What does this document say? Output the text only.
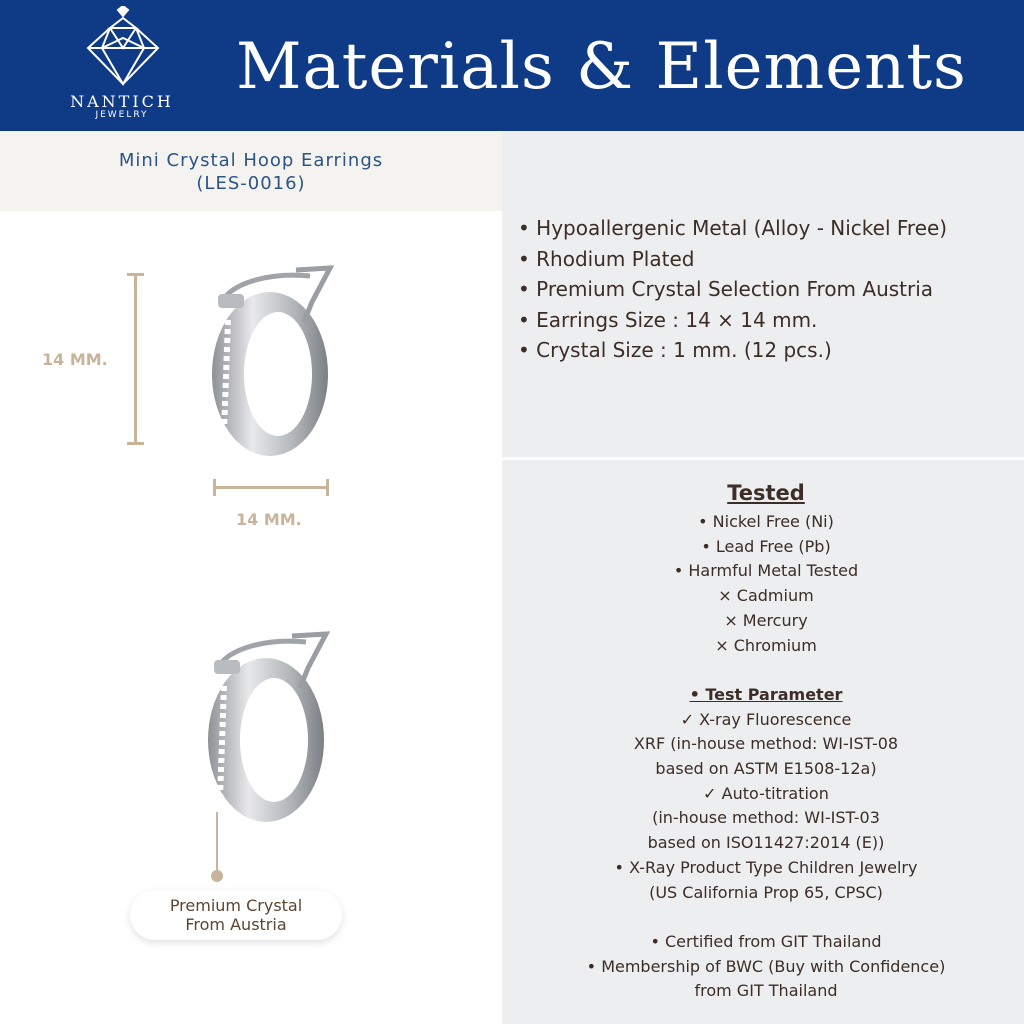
NANTICH
JEWELRY
Materials & Elements
Mini Crystal Hoop Earrings
(LES-0016)
14 MM.
14 MM.
Premium Crystal
From Austria
• Hypoallergenic Metal (Alloy - Nickel Free)
• Rhodium Plated
• Premium Crystal Selection From Austria
• Earrings Size : 14 × 14 mm.
• Crystal Size : 1 mm. (12 pcs.)
Tested
• Nickel Free (Ni)
• Lead Free (Pb)
• Harmful Metal Tested
× Cadmium
× Mercury
× Chromium
• Test Parameter
✓ X-ray Fluorescence
XRF (in-house method: WI-IST-08
based on ASTM E1508-12a)
✓ Auto-titration
(in-house method: WI-IST-03
based on ISO11427:2014 (E))
• X-Ray Product Type Children Jewelry
(US California Prop 65, CPSC)
• Certified from GIT Thailand
• Membership of BWC (Buy with Confidence)
from GIT Thailand
